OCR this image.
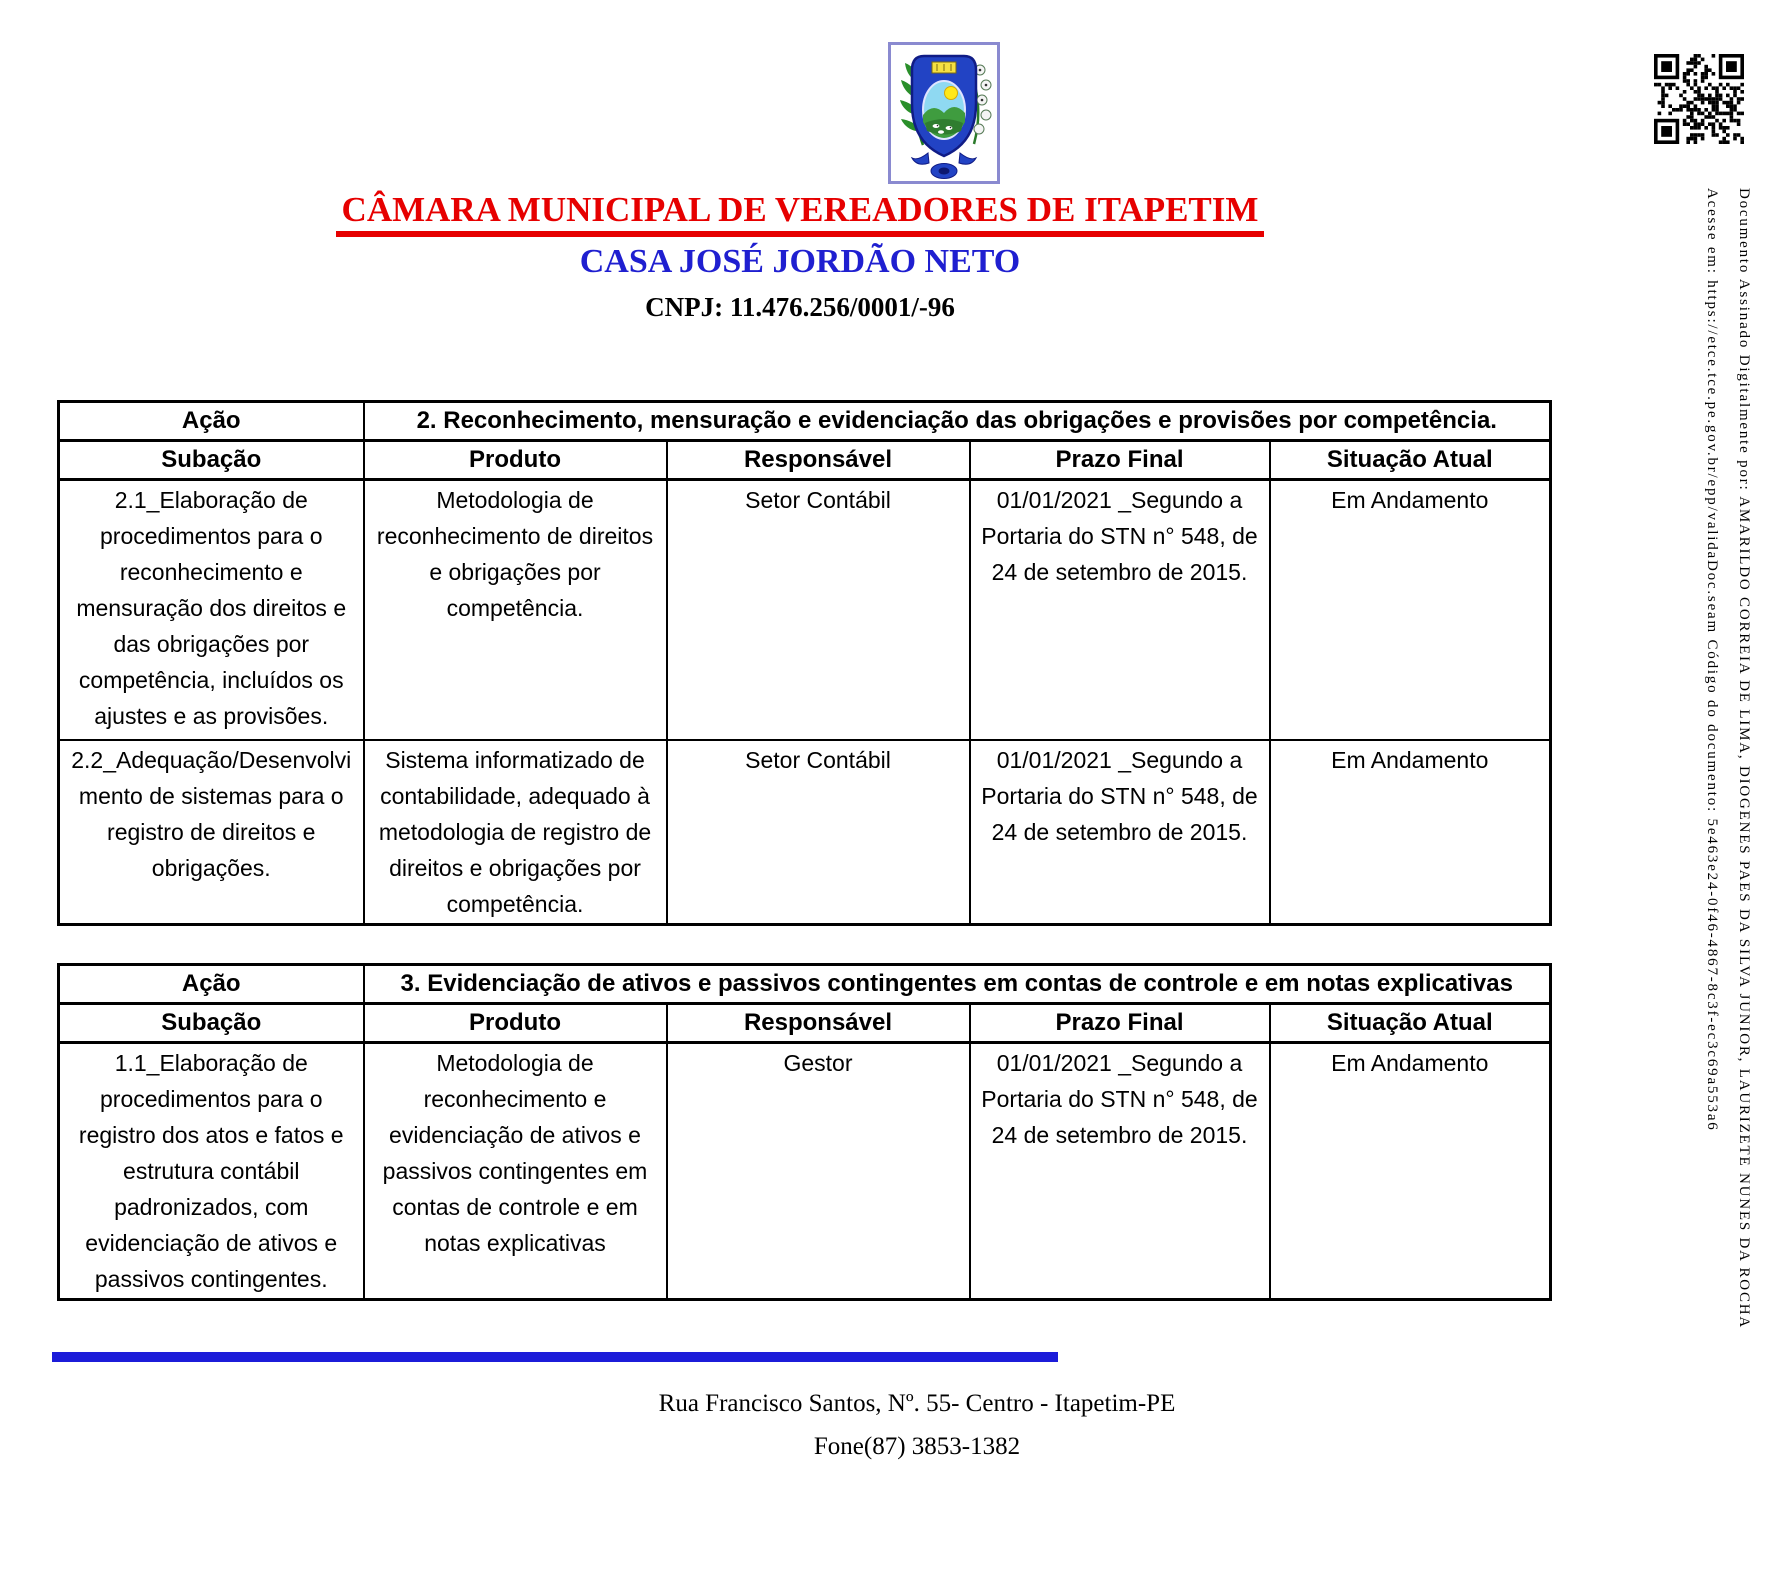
Documento Assinado Digitalmente por: AMARILDO CORREIA DE LIMA, DIOGENES PAES DA SILVA JUNIOR, LAURIZETE NUNES DA ROCHA
Acesse em: https://etce.tce.pe.gov.br/epp/validaDoc.seam Código do documento: 5e463e24-0f46-4867-8c3f-ec3c69a553a6
CÂMARA MUNICIPAL DE VEREADORES DE ITAPETIM
CASA JOSÉ JORDÃO NETO
CNPJ: 11.476.256/0001/-96
Ação	2. Reconhecimento, mensuração e evidenciação das obrigações e provisões por competência.			
Subação	Produto	Responsável	Prazo Final	Situação Atual
2.1_Elaboração de procedimentos para o reconhecimento e mensuração dos direitos e das obrigações por competência, incluídos os ajustes e as provisões.	Metodologia de reconhecimento de direitos e obrigações por competência.	Setor Contábil	01/01/2021 _Segundo a Portaria do STN n° 548, de 24 de setembro de 2015.	Em Andamento
2.2_Adequação/Desenvolvi mento de sistemas para o registro de direitos e obrigações.	Sistema informatizado de contabilidade, adequado à metodologia de registro de direitos e obrigações por competência.	Setor Contábil	01/01/2021 _Segundo a Portaria do STN n° 548, de 24 de setembro de 2015.	Em Andamento
Ação	3. Evidenciação de ativos e passivos contingentes em contas de controle e em notas explicativas			
Subação	Produto	Responsável	Prazo Final	Situação Atual
1.1_Elaboração de procedimentos para o registro dos atos e fatos e estrutura contábil padronizados, com evidenciação de ativos e passivos contingentes.	Metodologia de reconhecimento e evidenciação de ativos e passivos contingentes em contas de controle e em notas explicativas	Gestor	01/01/2021 _Segundo a Portaria do STN n° 548, de 24 de setembro de 2015.	Em Andamento
Rua Francisco Santos, Nº. 55- Centro - Itapetim-PE
Fone(87) 3853-1382
